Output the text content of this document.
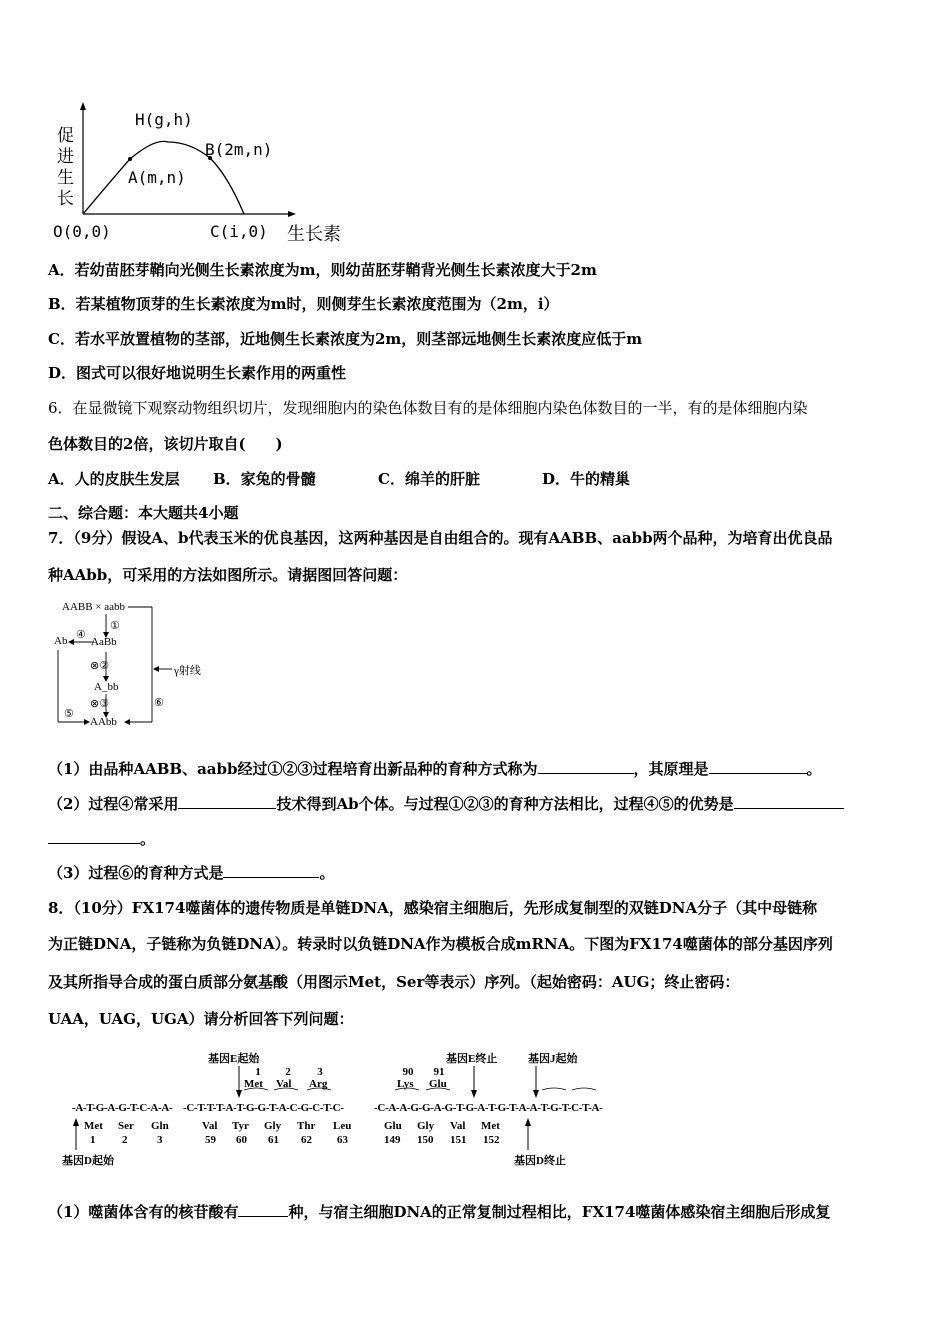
促进生长
H(g,h)
B(2m,n)
A(m,n)
O(0,0)	C(i,0) 生长素
A．若幼苗胚芽鞘向光侧生长素浓度为m，则幼苗胚芽鞘背光侧生长素浓度大于2m
B．若某植物顶芽的生长素浓度为m时，则侧芽生长素浓度范围为（2m，i）
C．若水平放置植物的茎部，近地侧生长素浓度为2m，则茎部远地侧生长素浓度应低于m
D．图式可以很好地说明生长素作用的两重性
6．在显微镜下观察动物组织切片，发现细胞内的染色体数目有的是体细胞内染色体数目的一半，有的是体细胞内染
色体数目的2倍，该切片取自(　　)
A．人的皮肤生发层 B．家兔的骨髓	C．绵羊的肝脏	D．牛的精巢
二、综合题：本大题共4小题
7．（9分）假设A、b代表玉米的优良基因，这两种基因是自由组合的。现有AABB、aabb两个品种，为培育出优良品
种AAbb，可采用的方法如图所示。请据图回答问题：
AABB × aabb
①
AaBb
Ab ④
⊗②
A_bb
⊗③
⑤
AAbb
⑥
γ射线
（1）由品种AABB、aabb经过①②③过程培育出新品种的育种方式称为	，其原理是	。
（2）过程④常采用	技术得到Ab个体。与过程①②③的育种方法相比，过程④⑤的优势是
。
（3）过程⑥的育种方式是	。
8．（10分）FX174噬菌体的遗传物质是单链DNA，感染宿主细胞后，先形成复制型的双链DNA分子（其中母链称
为正链DNA，子链称为负链DNA）。转录时以负链DNA作为模板合成mRNA。下图为FX174噬菌体的部分基因序列
及其所指导合成的蛋白质部分氨基酸（用图示Met，Ser等表示）序列。（起始密码：AUG；终止密码：
UAA，UAG，UGA）请分析回答下列问题：
基因E起始	基因E终止	基因J起始
1
Met
2
Val
3
Arg
90
Lys
91
Glu
-A-T-G-A-G-T-C-A-A- -C-T-T-T-A-T-G-G-T-A-C-G-C-T-C-	-C-A-A-G-G-A-G-T-G-A-T-G-T-A-A-T-G-T-C-T-A-
Met
1
Ser
2
Gln
3
Val
59
Tyr
60
Gly
61
Thr
62
Leu
63
Glu
149
Gly
150
Val
151
Met
152
基因D起始	基因D终止
（1）噬菌体含有的核苷酸有	种，与宿主细胞DNA的正常复制过程相比，FX174噬菌体感染宿主细胞后形成复
